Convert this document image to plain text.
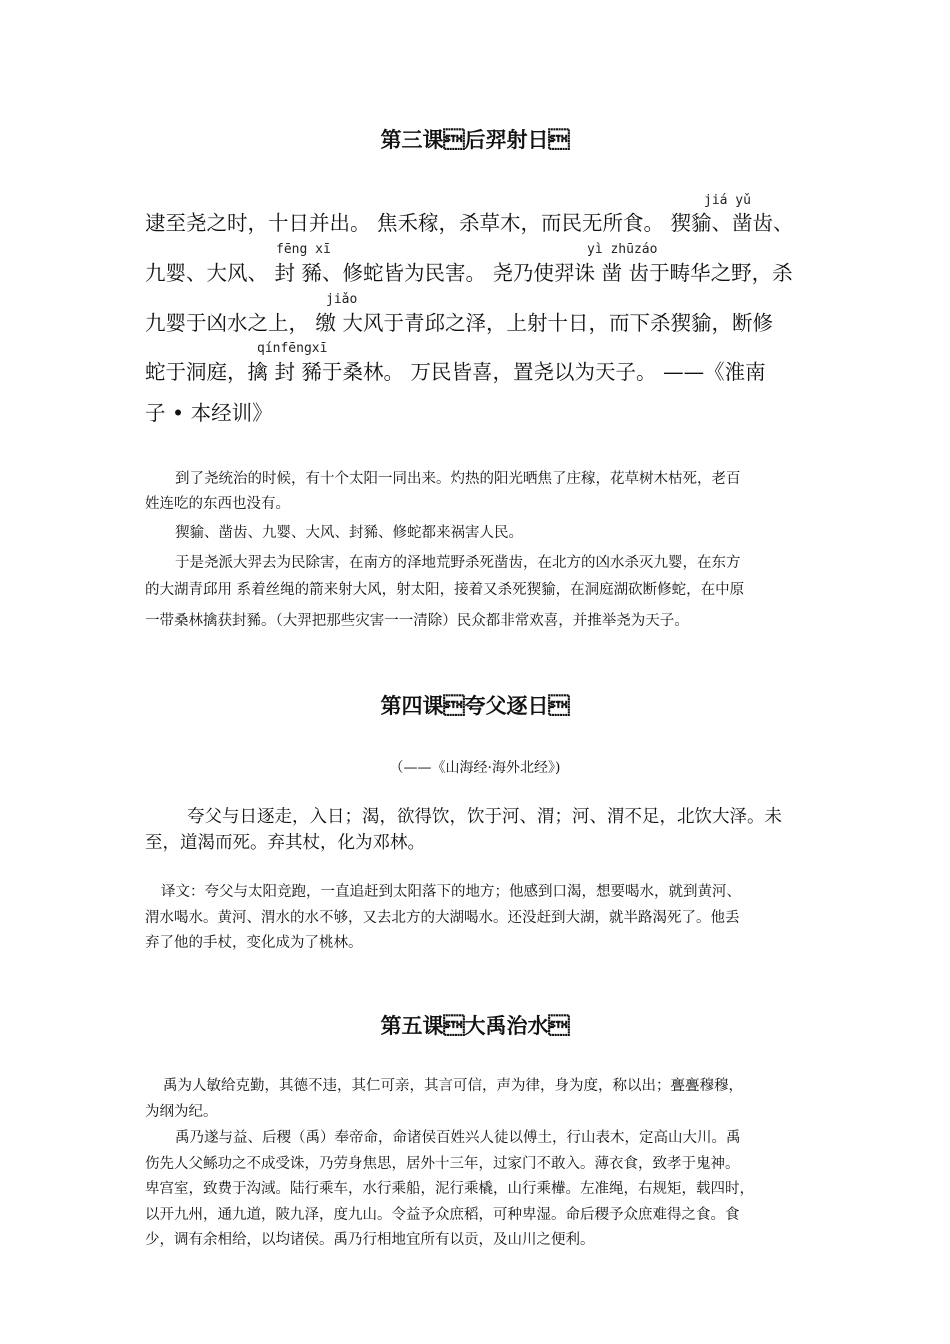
第三课后羿射日
jiá yǔ
逮至尧之时，十日并出。 焦禾稼，杀草木，而民无所食。 猰貐、凿齿、
fēng xī	yì zhūzáo
九婴、大风、 封 豨、修蛇皆为民害。 尧乃使羿诛 凿 齿于畴华之野，杀
jiǎo
九婴于凶水之上， 缴 大风于青邱之泽，上射十日，而下杀猰貐，断修
qínfēngxī
蛇于洞庭，擒 封 豨于桑林。 万民皆喜，置尧以为天子。 ——《淮南
子 • 本经训》
到了尧统治的时候，有十个太阳一同出来。灼热的阳光晒焦了庄稼，花草树木枯死，老百
姓连吃的东西也没有。
猰貐、凿齿、九婴、大风、封豨、修蛇都来祸害人民。
于是尧派大羿去为民除害，在南方的泽地荒野杀死凿齿，在北方的凶水杀灭九婴，在东方
的大湖青邱用 系着丝绳的箭来射大风，射太阳，接着又杀死猰貐，在洞庭湖砍断修蛇，在中原
一带桑林擒获封豨。（大羿把那些灾害一一清除）民众都非常欢喜，并推举尧为天子。
第四课夸父逐日
（——《山海经·海外北经》)
夸父与日逐走，入日；渴，欲得饮，饮于河、渭；河、渭不足，北饮大泽。未
至，道渴而死。弃其杖，化为邓林。
译文：夸父与太阳竞跑，一直追赶到太阳落下的地方；他感到口渴，想要喝水，就到黄河、
渭水喝水。黄河、渭水的水不够，又去北方的大湖喝水。还没赶到大湖，就半路渴死了。他丢
弃了他的手杖，变化成为了桃林。
第五课大禹治水
禹为人敏给克勤，其德不违，其仁可亲，其言可信，声为律，身为度，称以出；亹亹穆穆，
为纲为纪。
禹乃遂与益、后稷（禹）奉帝命，命诸侯百姓兴人徒以傅土，行山表木，定高山大川。禹
伤先人父鲧功之不成受诛，乃劳身焦思，居外十三年，过家门不敢入。薄衣食，致孝于鬼神。
卑宫室，致费于沟淢。陆行乘车，水行乘船，泥行乘橇，山行乘檋。左准绳，右规矩，载四时，
以开九州，通九道，陂九泽，度九山。令益予众庶稻，可种卑湿。命后稷予众庶难得之食。食
少，调有余相给，以均诸侯。禹乃行相地宜所有以贡，及山川之便利。
